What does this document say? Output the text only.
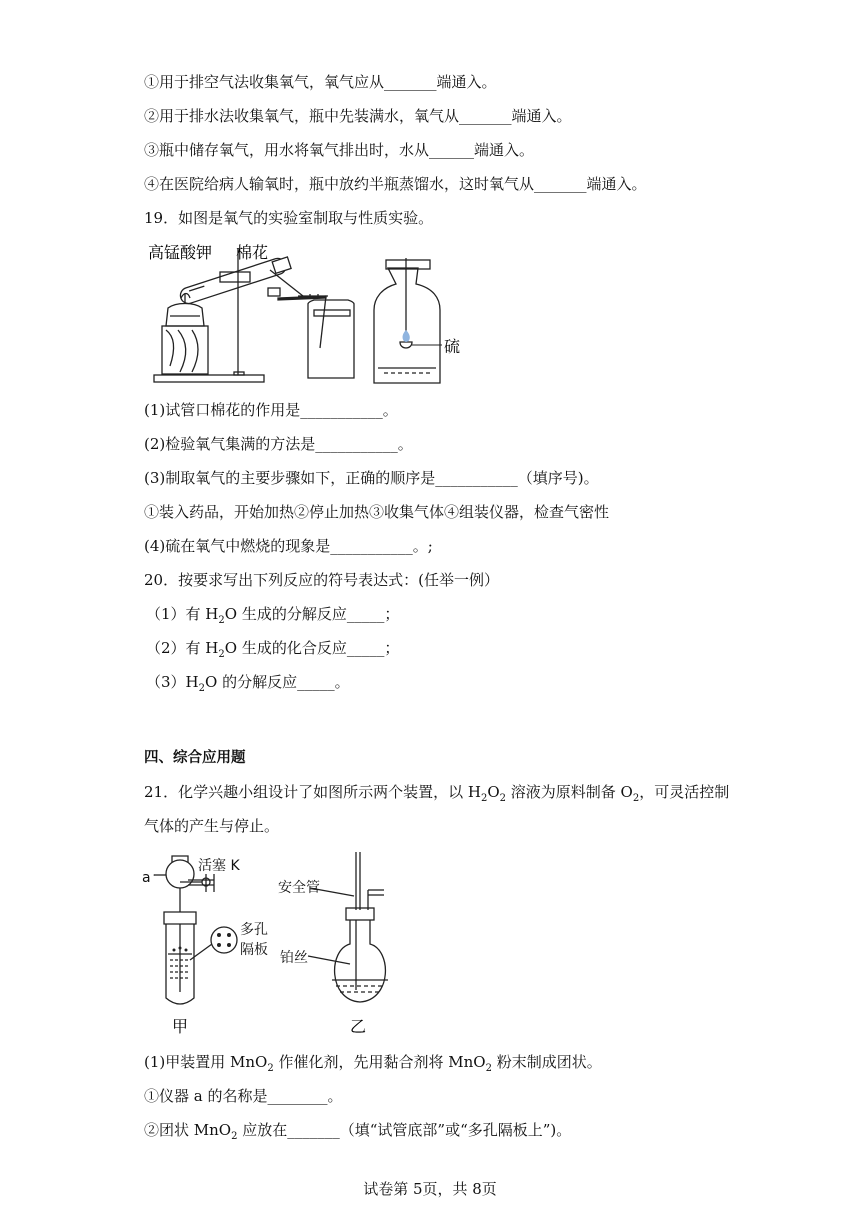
①用于排空气法收集氧气，氧气应从_______端通入。
②用于排水法收集氧气，瓶中先装满水，氧气从_______端通入。
③瓶中储存氧气，用水将氧气排出时，水从______端通入。
④在医院给病人输氧时，瓶中放约半瓶蒸馏水，这时氧气从_______端通入。
19．如图是氧气的实验室制取与性质实验。
高锰酸钾 棉花
硫
(1)试管口棉花的作用是___________。
(2)检验氧气集满的方法是___________。
(3)制取氧气的主要步骤如下，正确的顺序是___________（填序号)。
①装入药品，开始加热②停止加热③收集气体④组装仪器，检查气密性
(4)硫在氧气中燃烧的现象是___________。;
20．按要求写出下列反应的符号表达式：(任举一例）
（1）有 $H_2O$ 生成的分解反应_____；
（2）有 $H_2O$ 生成的化合反应_____；
$(3)H_2O$ 的分解反应_____。
四、综合应用题
21．化学兴趣小组设计了如图所示两个装置，以 $H_2O_2$ 溶液为原料制备 $O_2$，可灵活控制
气体的产生与停止。
a
活塞 K
多孔
隔板
安全管
铂丝
甲	乙
(1)甲装置用 MnO$_2$ 作催化剂，先用黏合剂将 MnO$_2$ 粉末制成团状。
①仪器 a 的名称是________。
②团状 MnO$_2$ 应放在_______（填“试管底部”或“多孔隔板上”)。
试卷第 5页，共 8页
